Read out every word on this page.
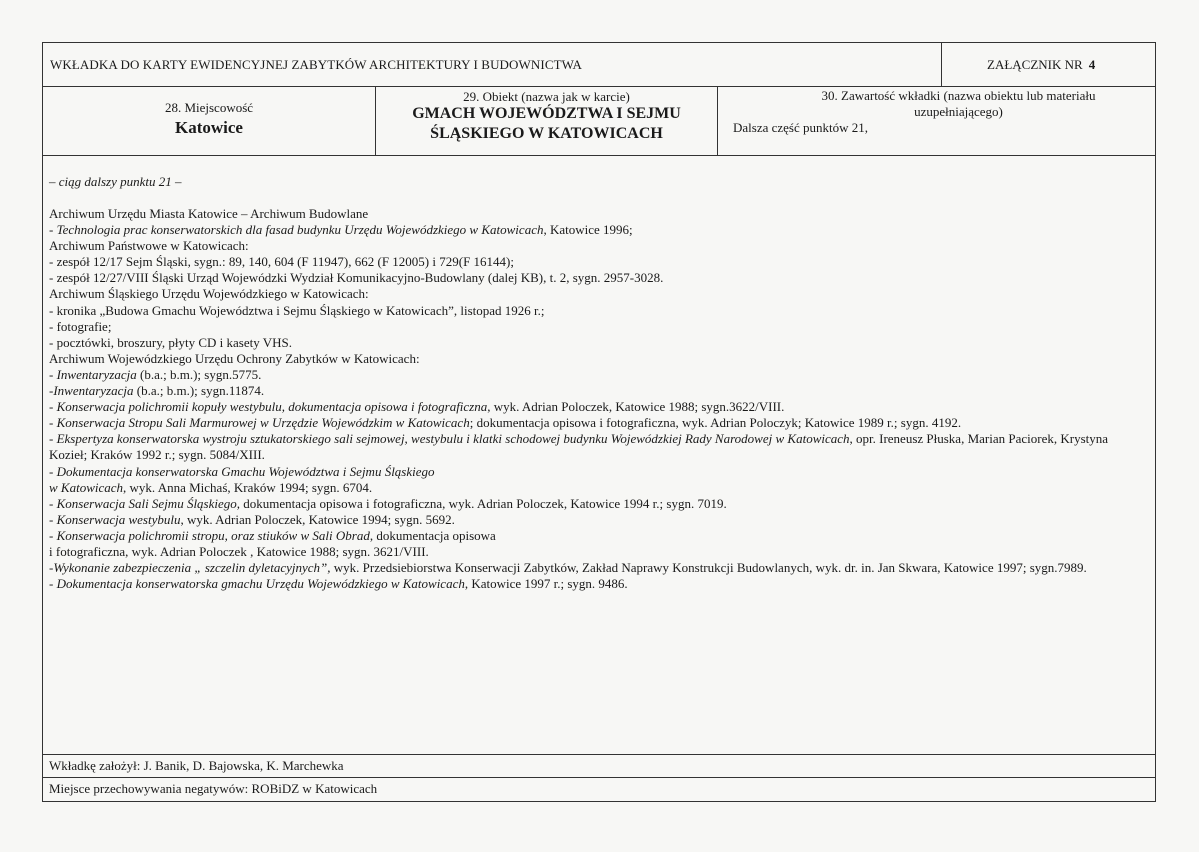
WKŁADKA DO KARTY EWIDENCYJNEJ ZABYTKÓW ARCHITEKTURY I BUDOWNICTWA	ZAŁĄCZNIK NR 4
28. Miejscowość
Katowice
29. Obiekt (nazwa jak w karcie)
GMACH WOJEWÓDZTWA I SEJMU
ŚLĄSKIEGO W KATOWICACH
30. Zawartość wkładki (nazwa obiektu lub materiału uzupełniającego)
Dalsza część punktów 21,
– ciąg dalszy punktu 21 –
Archiwum Urzędu Miasta Katowice – Archiwum Budowlane
- Technologia prac konserwatorskich dla fasad budynku Urzędu Wojewódzkiego w Katowicach, Katowice 1996;
Archiwum Państwowe w Katowicach:
- zespół 12/17 Sejm Śląski, sygn.: 89, 140, 604 (F 11947), 662 (F 12005) i 729(F 16144);
- zespół 12/27/VIII Śląski Urząd Wojewódzki Wydział Komunikacyjno-Budowlany (dalej KB), t. 2, sygn. 2957-3028.
Archiwum Śląskiego Urzędu Wojewódzkiego w Katowicach:
- kronika „Budowa Gmachu Województwa i Sejmu Śląskiego w Katowicach”, listopad 1926 r.;
- fotografie;
- pocztówki, broszury, płyty CD i kasety VHS.
Archiwum Wojewódzkiego Urzędu Ochrony Zabytków w Katowicach:
- Inwentaryzacja (b.a.; b.m.); sygn.5775.
-Inwentaryzacja (b.a.; b.m.); sygn.11874.
- Konserwacja polichromii kopuły westybulu, dokumentacja opisowa i fotograficzna, wyk. Adrian Poloczek, Katowice 1988; sygn.3622/VIII.
- Konserwacja Stropu Sali Marmurowej w Urzędzie Wojewódzkim w Katowicach; dokumentacja opisowa i fotograficzna, wyk. Adrian Poloczyk; Katowice 1989 r.; sygn. 4192.
- Ekspertyza konserwatorska wystroju sztukatorskiego sali sejmowej, westybulu i klatki schodowej budynku Wojewódzkiej Rady Narodowej w Katowicach, opr. Ireneusz Płuska, Marian Paciorek, Krystyna Kozieł; Kraków 1992 r.; sygn. 5084/XIII.
- Dokumentacja konserwatorska Gmachu Województwa i Sejmu Śląskiego
w Katowicach, wyk. Anna Michaś, Kraków 1994; sygn. 6704.
- Konserwacja Sali Sejmu Śląskiego, dokumentacja opisowa i fotograficzna, wyk. Adrian Poloczek, Katowice 1994 r.; sygn. 7019.
- Konserwacja westybulu, wyk. Adrian Poloczek, Katowice 1994; sygn. 5692.
- Konserwacja polichromii stropu, oraz stiuków w Sali Obrad, dokumentacja opisowa
i fotograficzna, wyk. Adrian Poloczek , Katowice 1988; sygn. 3621/VIII.
-Wykonanie zabezpieczenia „ szczelin dyletacyjnych”, wyk. Przedsiebiorstwa Konserwacji Zabytków, Zakład Naprawy Konstrukcji Budowlanych, wyk. dr. in. Jan Skwara, Katowice 1997; sygn.7989.
- Dokumentacja konserwatorska gmachu Urzędu Wojewódzkiego w Katowicach, Katowice 1997 r.; sygn. 9486.
Wkładkę założył: J. Banik, D. Bajowska, K. Marchewka
Miejsce przechowywania negatywów: ROBiDZ w Katowicach
